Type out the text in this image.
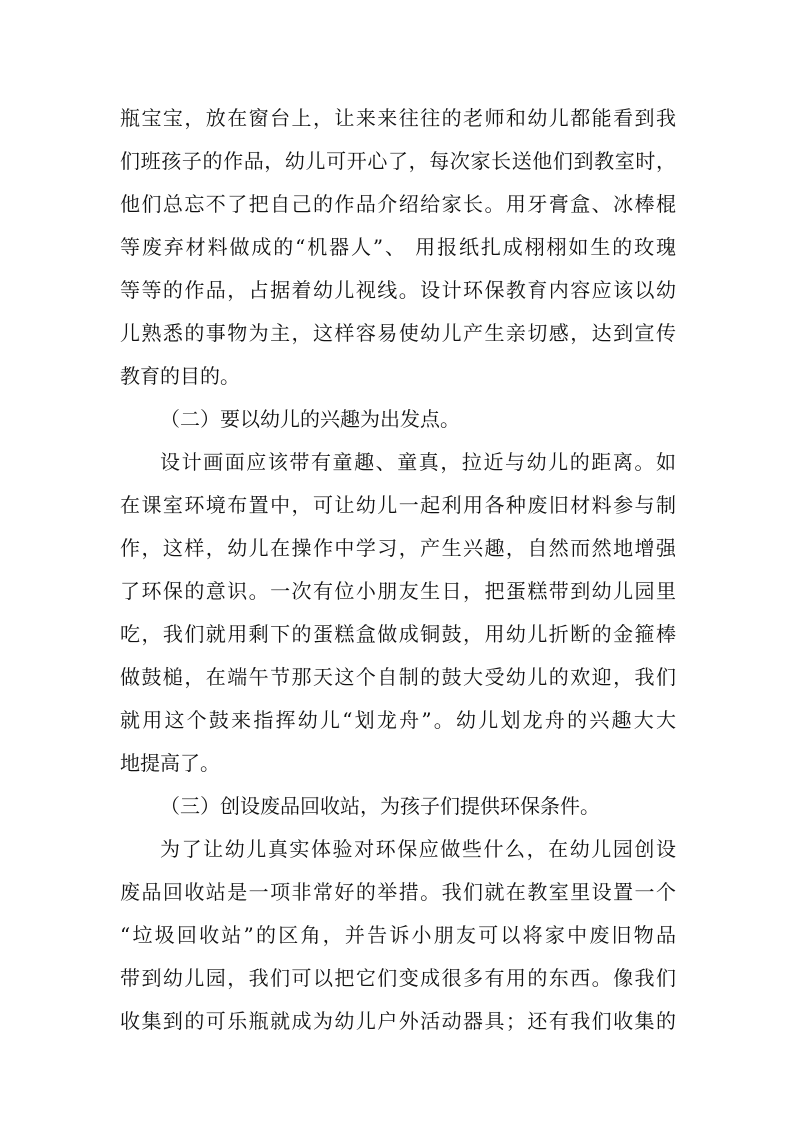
瓶宝宝，放在窗台上，让来来往往的老师和幼儿都能看到我
们班孩子的作品，幼儿可开心了，每次家长送他们到教室时，
他们总忘不了把自己的作品介绍给家长。用牙膏盒、冰棒棍
等废弃材料做成的“机器人”、 用报纸扎成栩栩如生的玫瑰
等等的作品，占据着幼儿视线。设计环保教育内容应该以幼
儿熟悉的事物为主，这样容易使幼儿产生亲切感，达到宣传
教育的目的。
（二）要以幼儿的兴趣为出发点。
设计画面应该带有童趣、童真，拉近与幼儿的距离。如
在课室环境布置中，可让幼儿一起利用各种废旧材料参与制
作，这样，幼儿在操作中学习，产生兴趣，自然而然地增强
了环保的意识。一次有位小朋友生日，把蛋糕带到幼儿园里
吃，我们就用剩下的蛋糕盒做成铜鼓，用幼儿折断的金箍棒
做鼓槌，在端午节那天这个自制的鼓大受幼儿的欢迎，我们
就用这个鼓来指挥幼儿“划龙舟”。幼儿划龙舟的兴趣大大
地提高了。
（三）创设废品回收站，为孩子们提供环保条件。
为了让幼儿真实体验对环保应做些什么，在幼儿园创设
废品回收站是一项非常好的举措。我们就在教室里设置一个
“垃圾回收站”的区角，并告诉小朋友可以将家中废旧物品
带到幼儿园，我们可以把它们变成很多有用的东西。像我们
收集到的可乐瓶就成为幼儿户外活动器具；还有我们收集的
